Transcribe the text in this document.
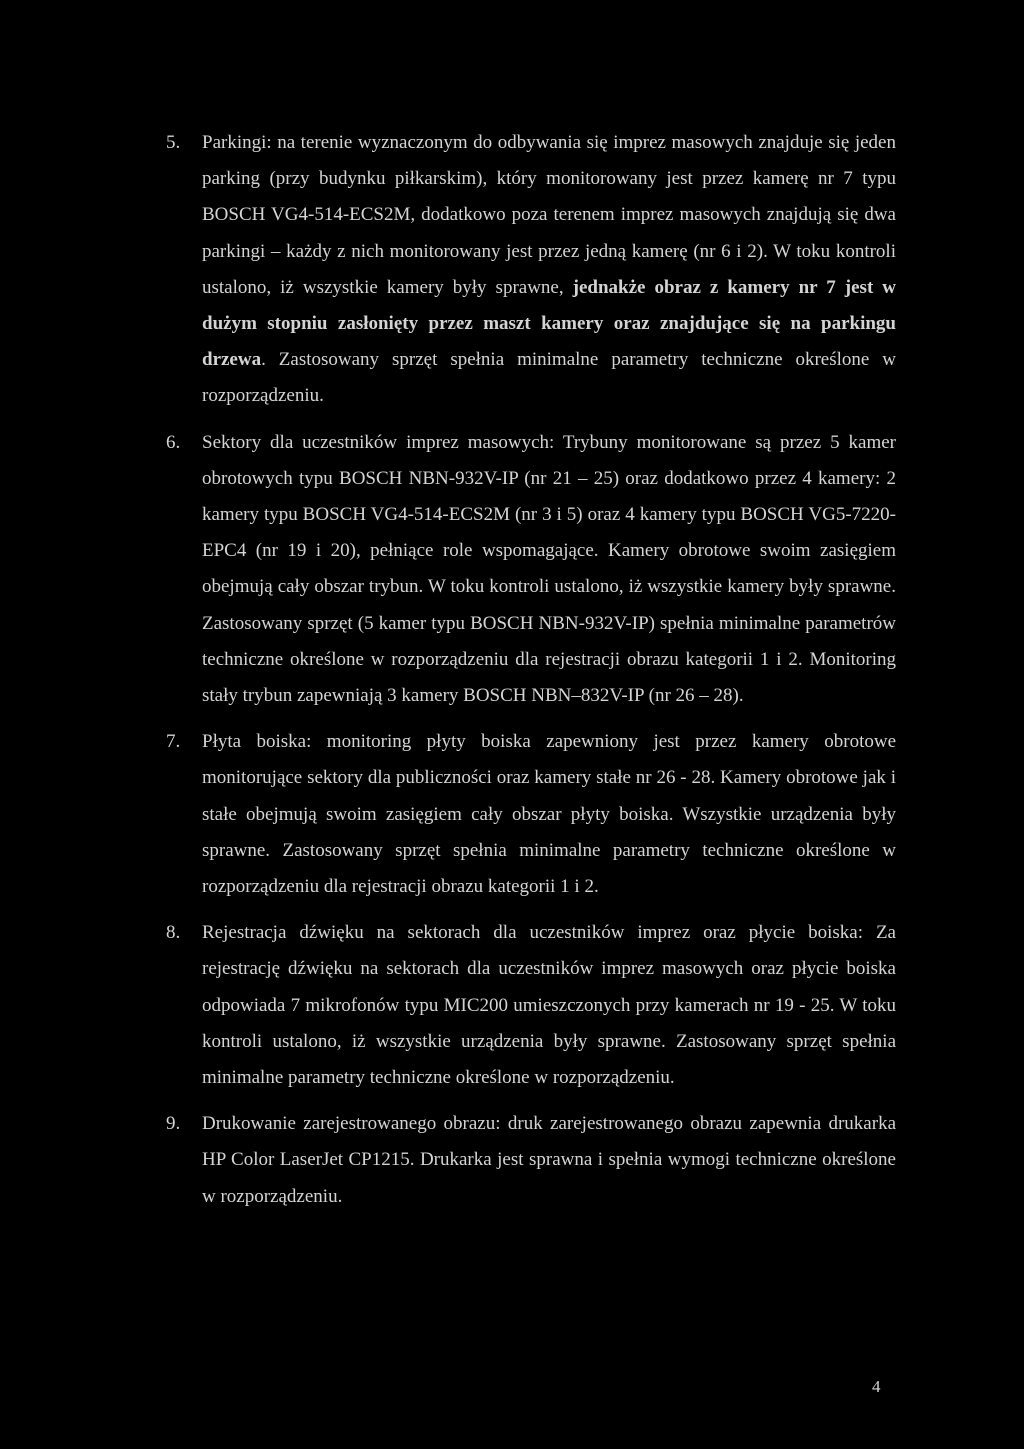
5. Parkingi: na terenie wyznaczonym do odbywania się imprez masowych znajduje się jeden parking (przy budynku piłkarskim), który monitorowany jest przez kamerę nr 7 typu BOSCH VG4-514-ECS2M, dodatkowo poza terenem imprez masowych znajdują się dwa parkingi – każdy z nich monitorowany jest przez jedną kamerę (nr 6 i 2). W toku kontroli ustalono, iż wszystkie kamery były sprawne, jednakże obraz z kamery nr 7 jest w dużym stopniu zasłonięty przez maszt kamery oraz znajdujące się na parkingu drzewa. Zastosowany sprzęt spełnia minimalne parametry techniczne określone w rozporządzeniu.
6. Sektory dla uczestników imprez masowych: Trybuny monitorowane są przez 5 kamer obrotowych typu BOSCH NBN-932V-IP (nr 21 – 25) oraz dodatkowo przez 4 kamery: 2 kamery typu BOSCH VG4-514-ECS2M (nr 3 i 5) oraz 4 kamery typu BOSCH VG5-7220-EPC4 (nr 19 i 20), pełniące role wspomagające. Kamery obrotowe swoim zasięgiem obejmują cały obszar trybun. W toku kontroli ustalono, iż wszystkie kamery były sprawne. Zastosowany sprzęt (5 kamer typu BOSCH NBN-932V-IP) spełnia minimalne parametrów techniczne określone w rozporządzeniu dla rejestracji obrazu kategorii 1 i 2. Monitoring stały trybun zapewniają 3 kamery BOSCH NBN–832V-IP (nr 26 – 28).
7. Płyta boiska: monitoring płyty boiska zapewniony jest przez kamery obrotowe monitorujące sektory dla publiczności oraz kamery stałe nr 26 - 28. Kamery obrotowe jak i stałe obejmują swoim zasięgiem cały obszar płyty boiska. Wszystkie urządzenia były sprawne. Zastosowany sprzęt spełnia minimalne parametry techniczne określone w rozporządzeniu dla rejestracji obrazu kategorii 1 i 2.
8. Rejestracja dźwięku na sektorach dla uczestników imprez oraz płycie boiska: Za rejestrację dźwięku na sektorach dla uczestników imprez masowych oraz płycie boiska odpowiada 7 mikrofonów typu MIC200 umieszczonych przy kamerach nr 19 - 25. W toku kontroli ustalono, iż wszystkie urządzenia były sprawne. Zastosowany sprzęt spełnia minimalne parametry techniczne określone w rozporządzeniu.
9. Drukowanie zarejestrowanego obrazu: druk zarejestrowanego obrazu zapewnia drukarka HP Color LaserJet CP1215. Drukarka jest sprawna i spełnia wymogi techniczne określone w rozporządzeniu.
4
